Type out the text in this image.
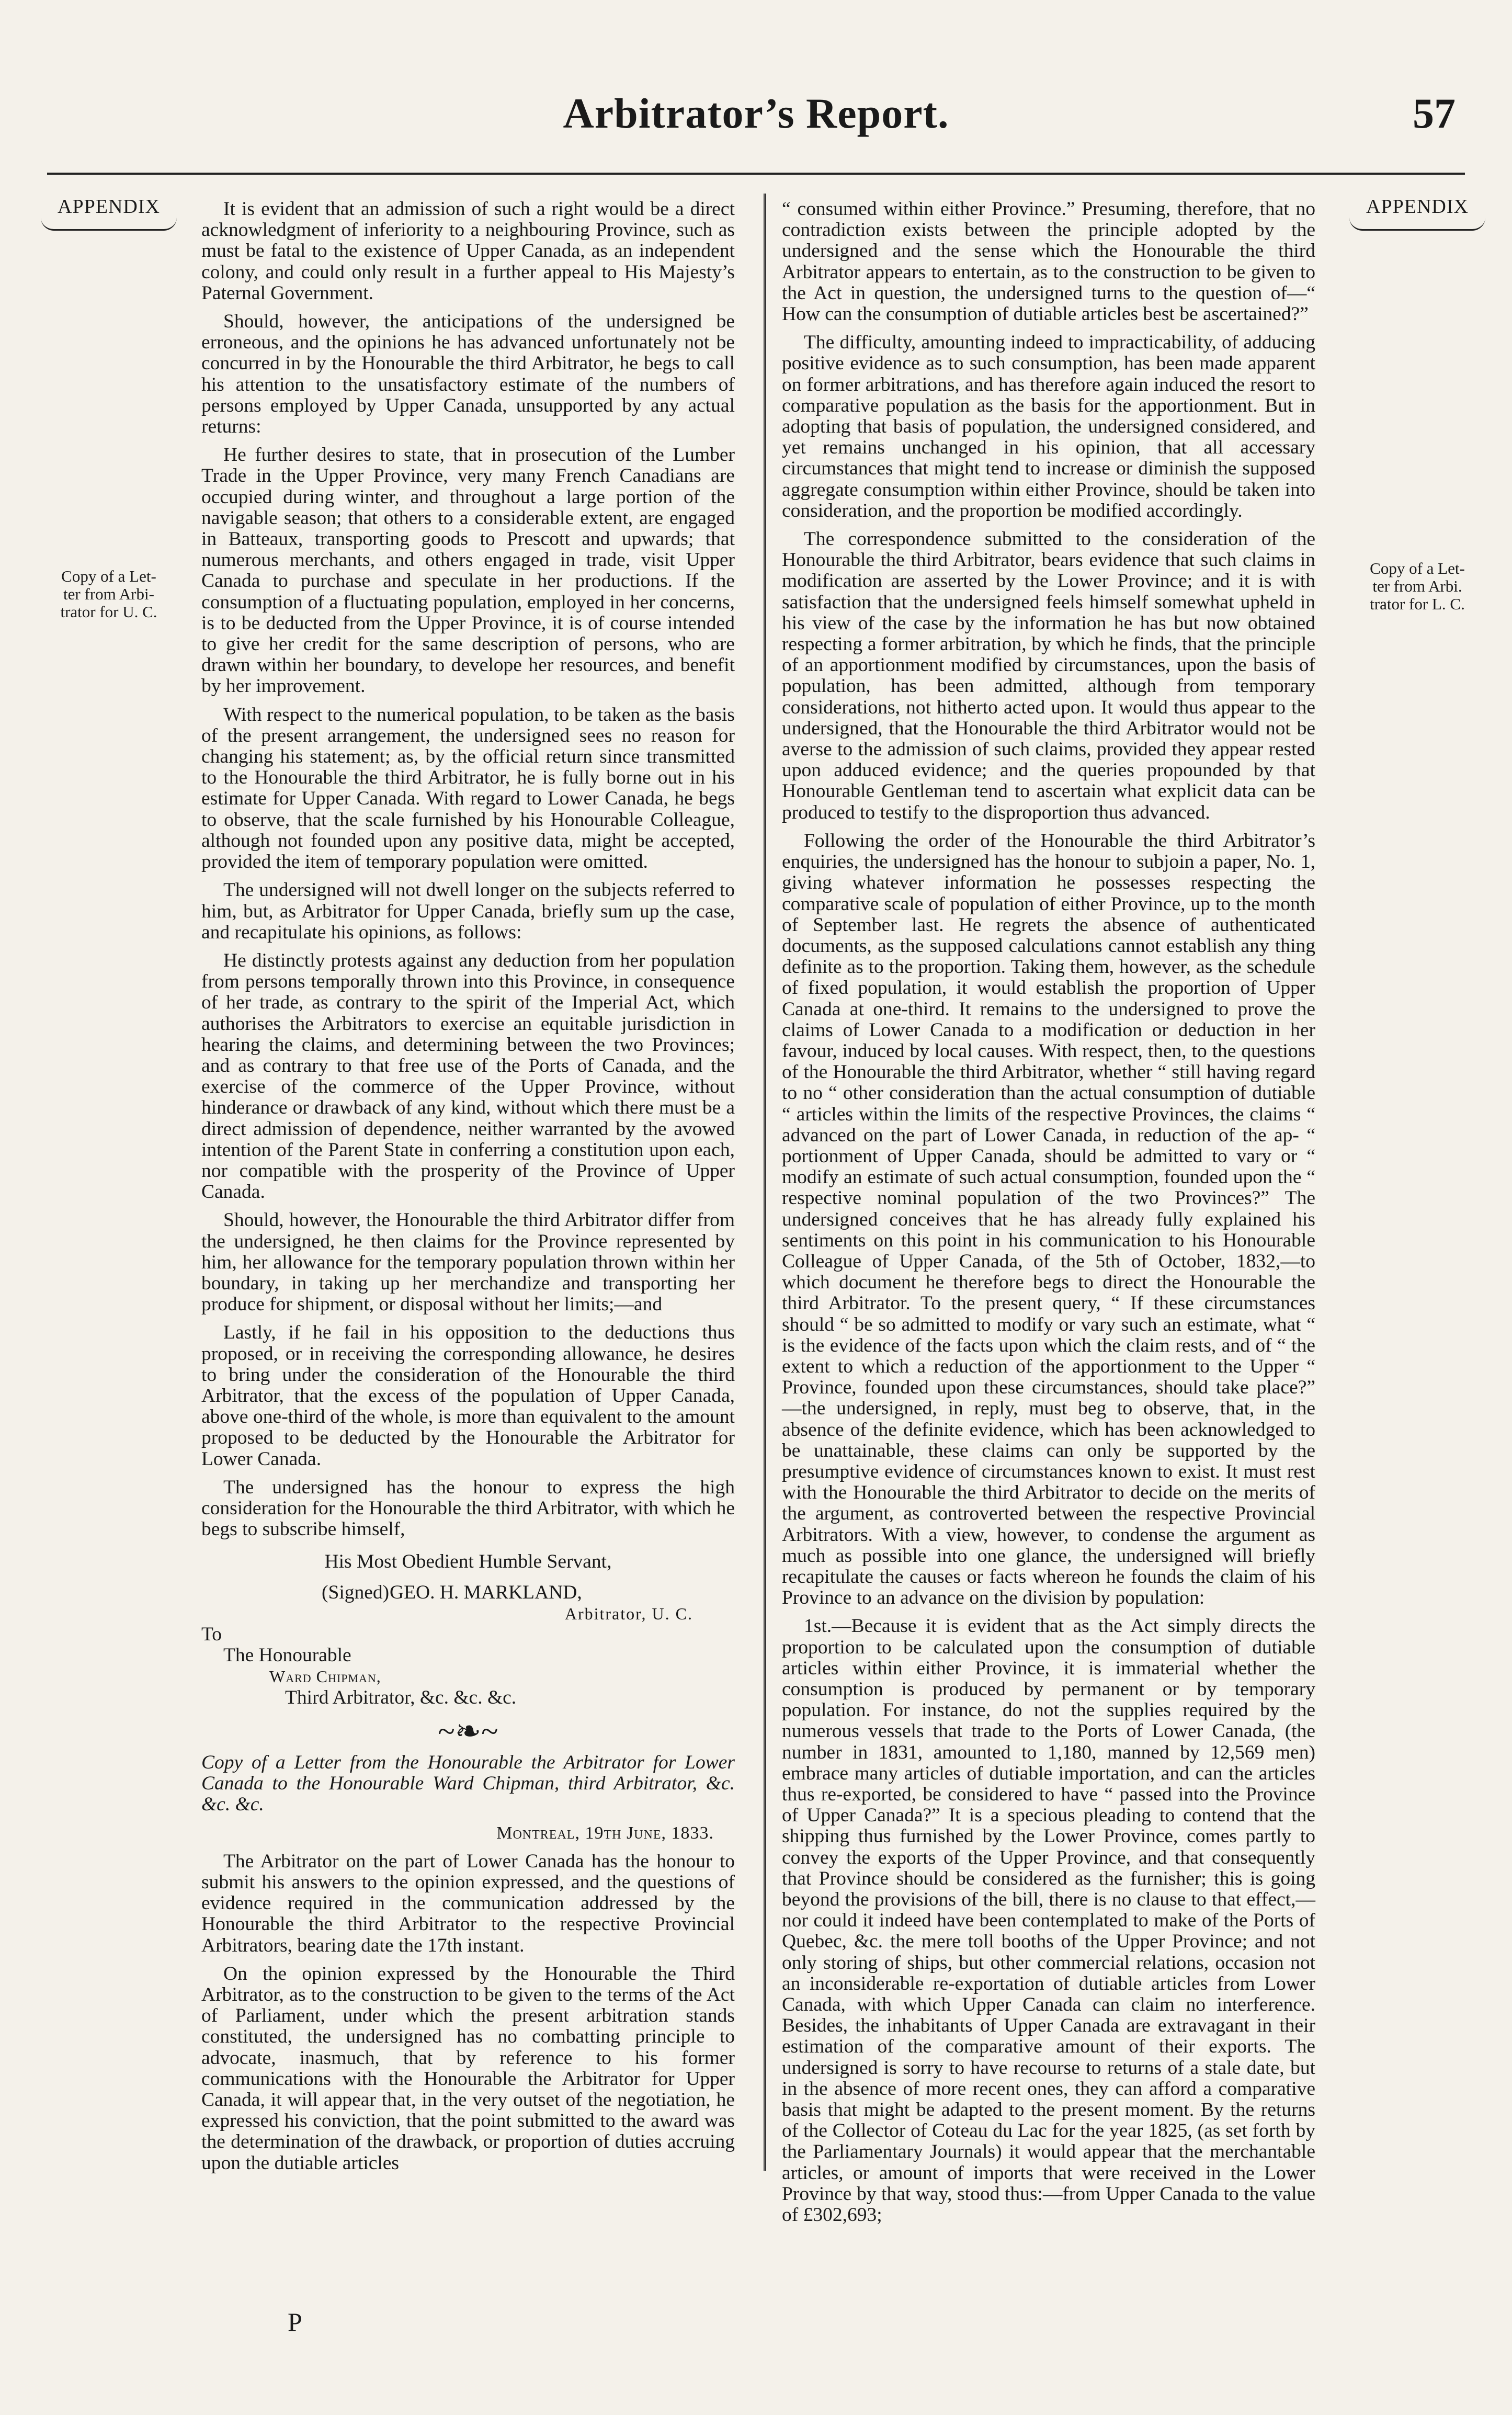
Arbitrator’s Report.	57
APPENDIX
Copy of a Let-
ter from Arbi-
trator for U. C.
APPENDIX
Copy of a Let-
ter from Arbi.
trator for L. C.

It is evident that an admission of such a right would be a direct acknowledgment of inferiority to a neighbouring Province, such as must be fatal to the existence of Upper Canada, as an independent colony, and could only result in a further appeal to His Majesty’s Paternal Government.

Should, however, the anticipations of the undersigned be erroneous, and the opinions he has advanced unfortunately not be concurred in by the Honourable the third Arbitrator, he begs to call his attention to the unsatisfactory estimate of the numbers of persons employed by Upper Canada, unsupported by any actual returns:

He further desires to state, that in prosecution of the Lumber Trade in the Upper Province, very many French Canadians are occupied during winter, and throughout a large portion of the navigable season; that others to a considerable extent, are engaged in Batteaux, transporting goods to Prescott and upwards; that numerous merchants, and others engaged in trade, visit Upper Canada to purchase and speculate in her productions. If the consumption of a fluctuating population, employed in her concerns, is to be deducted from the Upper Province, it is of course intended to give her credit for the same description of persons, who are drawn within her boundary, to develope her resources, and benefit by her improvement.

With respect to the numerical population, to be taken as the basis of the present arrangement, the undersigned sees no reason for changing his statement; as, by the official return since transmitted to the Honourable the third Arbitrator, he is fully borne out in his estimate for Upper Canada. With regard to Lower Canada, he begs to observe, that the scale furnished by his Honourable Colleague, although not founded upon any positive data, might be accepted, provided the item of temporary population were omitted.

The undersigned will not dwell longer on the subjects referred to him, but, as Arbitrator for Upper Canada, briefly sum up the case, and recapitulate his opinions, as follows:

He distinctly protests against any deduction from her population from persons temporally thrown into this Province, in consequence of her trade, as contrary to the spirit of the Imperial Act, which authorises the Arbitrators to exercise an equitable jurisdiction in hearing the claims, and determining between the two Provinces; and as contrary to that free use of the Ports of Canada, and the exercise of the commerce of the Upper Province, without hinderance or drawback of any kind, without which there must be a direct admission of dependence, neither warranted by the avowed intention of the Parent State in conferring a constitution upon each, nor compatible with the prosperity of the Province of Upper Canada.

Should, however, the Honourable the third Arbitrator differ from the undersigned, he then claims for the Province represented by him, her allowance for the temporary population thrown within her boundary, in taking up her merchandize and transporting her produce for shipment, or disposal without her limits;—and

Lastly, if he fail in his opposition to the deductions thus proposed, or in receiving the corresponding allowance, he desires to bring under the consideration of the Honourable the third Arbitrator, that the excess of the population of Upper Canada, above one-third of the whole, is more than equivalent to the amount proposed to be deducted by the Honourable the Arbitrator for Lower Canada.

The undersigned has the honour to express the high consideration for the Honourable the third Arbitrator, with which he begs to subscribe himself,

His Most Obedient Humble Servant,
(Signed)GEO. H. MARKLAND,
Arbitrator, U. C.
To
The Honourable
Ward Chipman,
Third Arbitrator, &c. &c. &c.
~❧~

Copy of a Letter from the Honourable the Arbitrator for Lower Canada to the Honourable Ward Chipman, third Arbitrator, &c. &c. &c.

Montreal, 19th June, 1833.

The Arbitrator on the part of Lower Canada has the honour to submit his answers to the opinion expressed, and the questions of evidence required in the communication addressed by the Honourable the third Arbitrator to the respective Provincial Arbitrators, bearing date the 17th instant.

On the opinion expressed by the Honourable the Third Arbitrator, as to the construction to be given to the terms of the Act of Parliament, under which the present arbitration stands constituted, the undersigned has no combatting principle to advocate, inasmuch, that by reference to his former communications with the Honourable the Arbitrator for Upper Canada, it will appear that, in the very outset of the negotiation, he expressed his conviction, that the point submitted to the award was the determination of the drawback, or proportion of duties accruing upon the dutiable articles

“ consumed within either Province.” Presuming, therefore, that no contradiction exists between the principle adopted by the undersigned and the sense which the Honourable the third Arbitrator appears to entertain, as to the construction to be given to the Act in question, the undersigned turns to the question of—“ How can the consumption of dutiable articles best be ascertained?”

The difficulty, amounting indeed to impracticability, of adducing positive evidence as to such consumption, has been made apparent on former arbitrations, and has therefore again induced the resort to comparative population as the basis for the apportionment. But in adopting that basis of population, the undersigned considered, and yet remains unchanged in his opinion, that all accessary circumstances that might tend to increase or diminish the supposed aggregate consumption within either Province, should be taken into consideration, and the proportion be modified accordingly.

The correspondence submitted to the consideration of the Honourable the third Arbitrator, bears evidence that such claims in modification are asserted by the Lower Province; and it is with satisfaction that the undersigned feels himself somewhat upheld in his view of the case by the information he has but now obtained respecting a former arbitration, by which he finds, that the principle of an apportionment modified by circumstances, upon the basis of population, has been admitted, although from temporary considerations, not hitherto acted upon. It would thus appear to the undersigned, that the Honourable the third Arbitrator would not be averse to the admission of such claims, provided they appear rested upon adduced evidence; and the queries propounded by that Honourable Gentleman tend to ascertain what explicit data can be produced to testify to the disproportion thus advanced.

Following the order of the Honourable the third Arbitrator’s enquiries, the undersigned has the honour to subjoin a paper, No. 1, giving whatever information he possesses respecting the comparative scale of population of either Province, up to the month of September last. He regrets the absence of authenticated documents, as the supposed calculations cannot establish any thing definite as to the proportion. Taking them, however, as the schedule of fixed population, it would establish the proportion of Upper Canada at one-third. It remains to the undersigned to prove the claims of Lower Canada to a modification or deduction in her favour, induced by local causes. With respect, then, to the questions of the Honourable the third Arbitrator, whether “ still having regard to no “ other consideration than the actual consumption of dutiable “ articles within the limits of the respective Provinces, the claims “ advanced on the part of Lower Canada, in reduction of the ap- “ portionment of Upper Canada, should be admitted to vary or “ modify an estimate of such actual consumption, founded upon the “ respective nominal population of the two Provinces?” The undersigned conceives that he has already fully explained his sentiments on this point in his communication to his Honourable Colleague of Upper Canada, of the 5th of October, 1832,—to which document he therefore begs to direct the Honourable the third Arbitrator. To the present query, “ If these circumstances should “ be so admitted to modify or vary such an estimate, what “ is the evidence of the facts upon which the claim rests, and of “ the extent to which a reduction of the apportionment to the Upper “ Province, founded upon these circumstances, should take place?” —the undersigned, in reply, must beg to observe, that, in the absence of the definite evidence, which has been acknowledged to be unattainable, these claims can only be supported by the presumptive evidence of circumstances known to exist. It must rest with the Honourable the third Arbitrator to decide on the merits of the argument, as controverted between the respective Provincial Arbitrators. With a view, however, to condense the argument as much as possible into one glance, the undersigned will briefly recapitulate the causes or facts whereon he founds the claim of his Province to an advance on the division by population:

1st.—Because it is evident that as the Act simply directs the proportion to be calculated upon the consumption of dutiable articles within either Province, it is immaterial whether the consumption is produced by permanent or by temporary population. For instance, do not the supplies required by the numerous vessels that trade to the Ports of Lower Canada, (the number in 1831, amounted to 1,180, manned by 12,569 men) embrace many articles of dutiable importation, and can the articles thus re-exported, be considered to have “ passed into the Province of Upper Canada?” It is a specious pleading to contend that the shipping thus furnished by the Lower Province, comes partly to convey the exports of the Upper Province, and that consequently that Province should be considered as the furnisher; this is going beyond the provisions of the bill, there is no clause to that effect,—nor could it indeed have been contemplated to make of the Ports of Quebec, &c. the mere toll booths of the Upper Province; and not only storing of ships, but other commercial relations, occasion not an inconsiderable re-exportation of dutiable articles from Lower Canada, with which Upper Canada can claim no interference. Besides, the inhabitants of Upper Canada are extravagant in their estimation of the comparative amount of their exports. The undersigned is sorry to have recourse to returns of a stale date, but in the absence of more recent ones, they can afford a comparative basis that might be adapted to the present moment. By the returns of the Collector of Coteau du Lac for the year 1825, (as set forth by the Parliamentary Journals) it would appear that the merchantable articles, or amount of imports that were received in the Lower Province by that way, stood thus:—from Upper Canada to the value of £302,693;

P
